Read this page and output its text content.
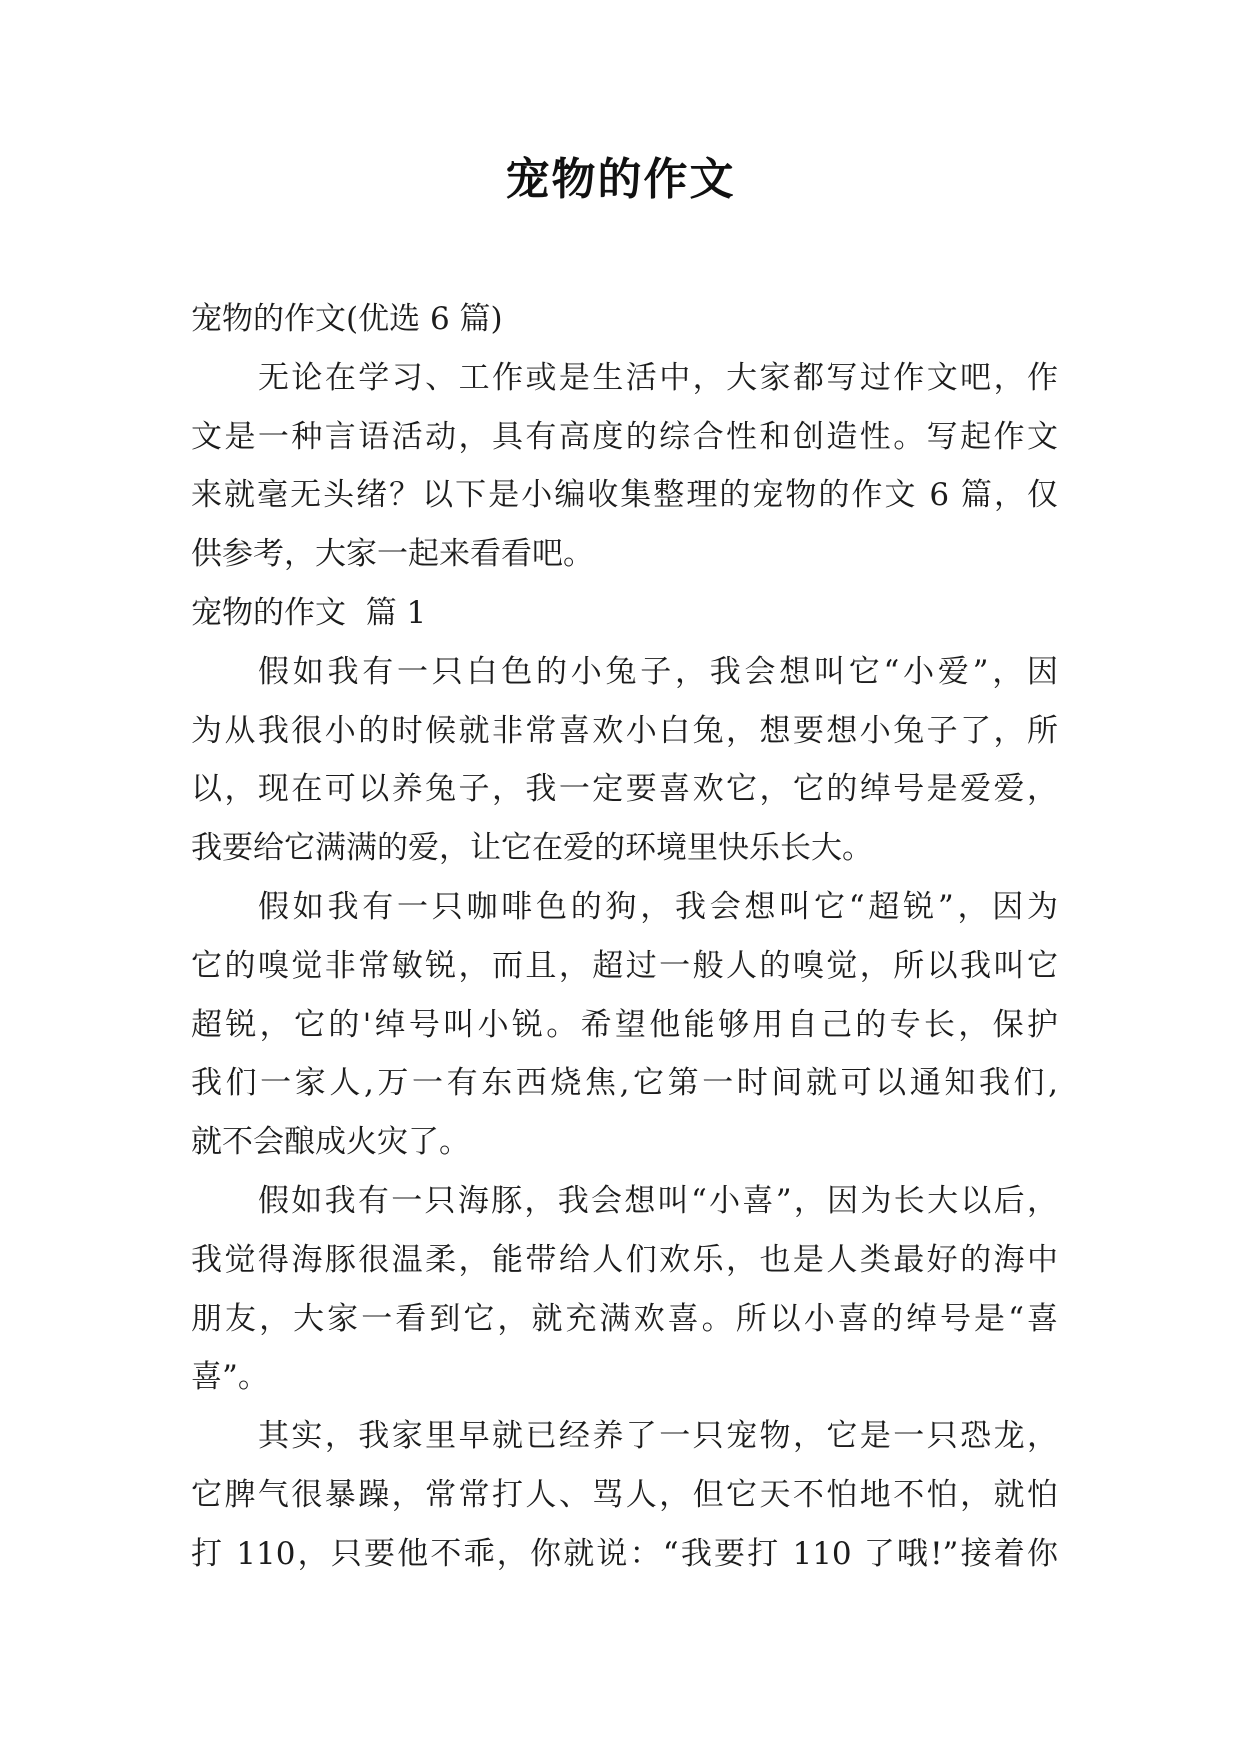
宠物的作文
宠物的作文(优选 6 篇)
无论在学习、工作或是生活中，大家都写过作文吧，作
文是一种言语活动，具有高度的综合性和创造性。写起作文
来就毫无头绪？以下是小编收集整理的宠物的作文 6 篇，仅
供参考，大家一起来看看吧。
宠物的作文  篇 1
假如我有一只白色的小兔子，我会想叫它“小爱”，因
为从我很小的时候就非常喜欢小白兔，想要想小兔子了，所
以，现在可以养兔子，我一定要喜欢它，它的绰号是爱爱，
我要给它满满的爱，让它在爱的环境里快乐长大。
假如我有一只咖啡色的狗，我会想叫它“超锐”，因为
它的嗅觉非常敏锐，而且，超过一般人的嗅觉，所以我叫它
超锐，它的'绰号叫小锐。希望他能够用自己的专长，保护
我们一家人,万一有东西烧焦,它第一时间就可以通知我们,
就不会酿成火灾了。
假如我有一只海豚，我会想叫“小喜”，因为长大以后，
我觉得海豚很温柔，能带给人们欢乐，也是人类最好的海中
朋友，大家一看到它，就充满欢喜。所以小喜的绰号是“喜
喜”。
其实，我家里早就已经养了一只宠物，它是一只恐龙，
它脾气很暴躁，常常打人、骂人，但它天不怕地不怕，就怕
打 110，只要他不乖，你就说：“我要打 110 了哦!”接着你
